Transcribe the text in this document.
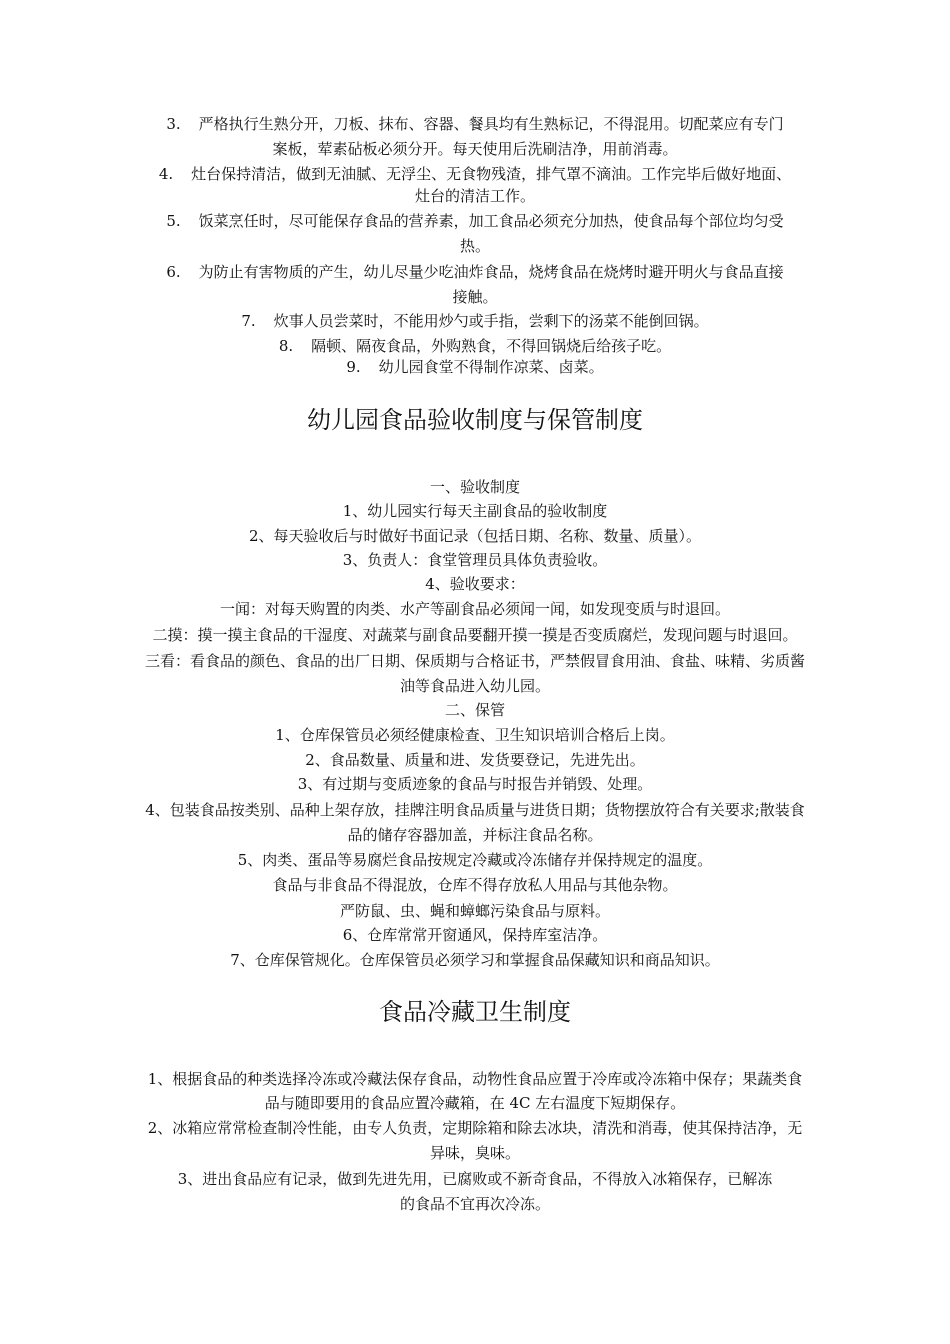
3. 严格执行生熟分开，刀板、抹布、容器、餐具均有生熟标记，不得混用。切配菜应有专门
案板，荤素砧板必须分开。每天使用后洗刷洁净，用前消毒。
4. 灶台保持清洁，做到无油腻、无浮尘、无食物残渣，排气罩不滴油。工作完毕后做好地面、
灶台的清洁工作。
5. 饭菜烹任时，尽可能保存食品的营养素，加工食品必须充分加热，使食品每个部位均匀受
热。
6. 为防止有害物质的产生，幼儿尽量少吃油炸食品，烧烤食品在烧烤时避开明火与食品直接
接触。
7. 炊事人员尝菜时，不能用炒勺或手指，尝剩下的汤菜不能倒回锅。
8. 隔顿、隔夜食品，外购熟食，不得回锅烧后给孩子吃。
9. 幼儿园食堂不得制作凉菜、卤菜。
幼儿园食品验收制度与保管制度
一、验收制度
1、幼儿园实行每天主副食品的验收制度
2、每天验收后与时做好书面记录（包括日期、名称、数量、质量）。
3、负责人：食堂管理员具体负责验收。
4、验收要求：
一闻：对每天购置的肉类、水产等副食品必须闻一闻，如发现变质与时退回。
二摸：摸一摸主食品的干湿度、对蔬菜与副食品要翻开摸一摸是否变质腐烂，发现问题与时退回。
三看：看食品的颜色、食品的出厂日期、保质期与合格证书，严禁假冒食用油、食盐、味精、劣质酱
油等食品进入幼儿园。
二、保管
1、仓库保管员必须经健康检查、卫生知识培训合格后上岗。
2、食品数量、质量和进、发货要登记，先进先出。
3、有过期与变质迹象的食品与时报告并销毁、处理。
4、包装食品按类别、品种上架存放，挂牌注明食品质量与进货日期；货物摆放符合有关要求;散装食
品的储存容器加盖，并标注食品名称。
5、肉类、蛋品等易腐烂食品按规定冷藏或冷冻储存并保持规定的温度。
食品与非食品不得混放，仓库不得存放私人用品与其他杂物。
严防鼠、虫、蝇和蟑螂污染食品与原料。
6、仓库常常开窗通风，保持库室洁净。
7、仓库保管规化。仓库保管员必须学习和掌握食品保藏知识和商品知识。
食品冷藏卫生制度
1、根据食品的种类选择冷冻或冷藏法保存食品，动物性食品应置于冷库或冷冻箱中保存；果蔬类食
品与随即要用的食品应置冷藏箱，在 4C 左右温度下短期保存。
2、冰箱应常常检查制冷性能，由专人负责，定期除箱和除去冰块，清洗和消毒，使其保持洁净，无
异味，臭味。
3、进出食品应有记录，做到先进先用，已腐败或不新奇食品，不得放入冰箱保存，已解冻
的食品不宜再次冷冻。
